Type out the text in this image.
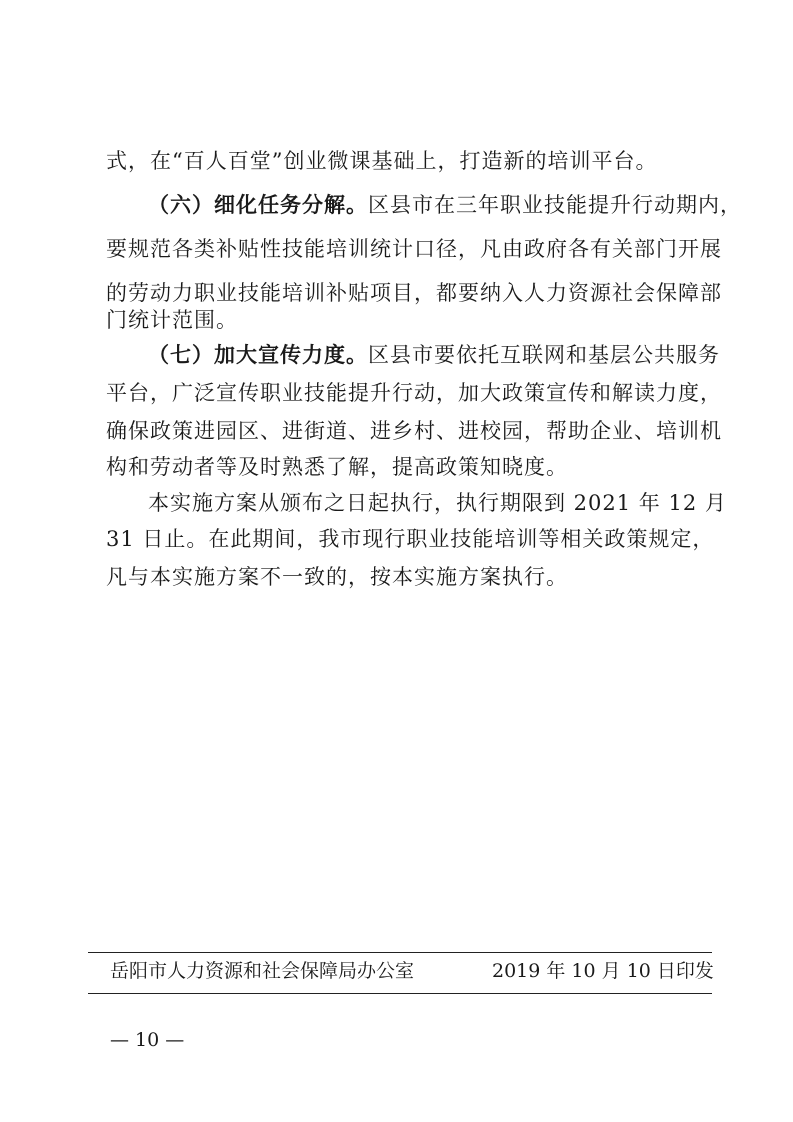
式，在“百人百堂”创业微课基础上，打造新的培训平台。
（六）细化任务分解。区县市在三年职业技能提升行动期内，
要规范各类补贴性技能培训统计口径，凡由政府各有关部门开展
的劳动力职业技能培训补贴项目，都要纳入人力资源社会保障部
门统计范围。
（七）加大宣传力度。区县市要依托互联网和基层公共服务
平台，广泛宣传职业技能提升行动，加大政策宣传和解读力度，
确保政策进园区、进街道、进乡村、进校园，帮助企业、培训机
构和劳动者等及时熟悉了解，提高政策知晓度。
本实施方案从颁布之日起执行，执行期限到 2021 年 12 月
31 日止。在此期间，我市现行职业技能培训等相关政策规定，
凡与本实施方案不一致的，按本实施方案执行。
岳阳市人力资源和社会保障局办公室	2019 年 10 月 10 日印发
— 10 —
